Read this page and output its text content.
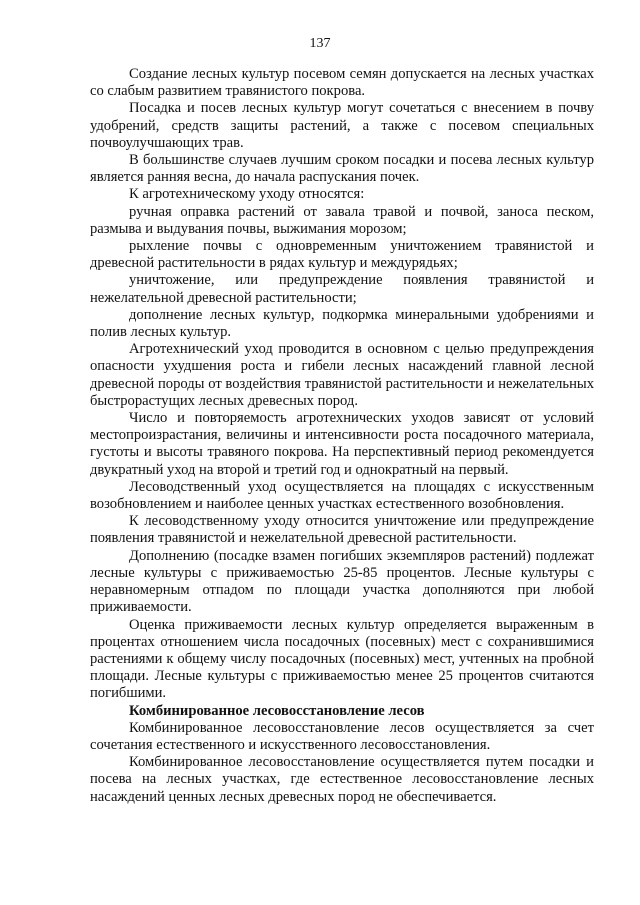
137

Создание лесных культур посевом семян допускается на лесных участках со слабым развитием травянистого покрова.

Посадка и посев лесных культур могут сочетаться с внесением в почву удобрений, средств защиты растений, а также с посевом специальных почвоулучшающих трав.

В большинстве случаев лучшим сроком посадки и посева лесных культур является ранняя весна, до начала распускания почек.

К агротехническому уходу относятся:

ручная оправка растений от завала травой и почвой, заноса песком, размыва и выдувания почвы, выжимания морозом;

рыхление почвы с одновременным уничтожением травянистой и древесной растительности в рядах культур и междурядьях;

уничтожение, или предупреждение появления травянистой и нежелательной древесной растительности;

дополнение лесных культур, подкормка минеральными удобрениями и полив лесных культур.

Агротехнический уход проводится в основном с целью предупреждения опасности ухудшения роста и гибели лесных насаждений главной лесной древесной породы от воздействия травянистой растительности и нежелательных быстрорастущих лесных древесных пород.

Число и повторяемость агротехнических уходов зависят от условий местопроизрастания, величины и интенсивности роста посадочного материала, густоты и высоты травяного покрова. На перспективный период рекомендуется двукратный уход на второй и третий год и однократный на первый.

Лесоводственный уход осуществляется на площадях с искусственным возобновлением и наиболее ценных участках естественного возобновления.

К лесоводственному уходу относится уничтожение или предупреждение появления травянистой и нежелательной древесной растительности.

Дополнению (посадке взамен погибших экземпляров растений) подлежат лесные культуры с приживаемостью 25-85 процентов. Лесные культуры с неравномерным отпадом по площади участка дополняются при любой приживаемости.

Оценка приживаемости лесных культур определяется выраженным в процентах отношением числа посадочных (посевных) мест с сохранившимися растениями к общему числу посадочных (посевных) мест, учтенных на пробной площади. Лесные культуры с приживаемостью менее 25 процентов считаются погибшими.

Комбинированное лесовосстановление лесов

Комбинированное лесовосстановление лесов осуществляется за счет сочетания естественного и искусственного лесовосстановления.

Комбинированное лесовосстановление осуществляется путем посадки и посева на лесных участках, где естественное лесовосстановление лесных насаждений ценных лесных древесных пород не обеспечивается.
